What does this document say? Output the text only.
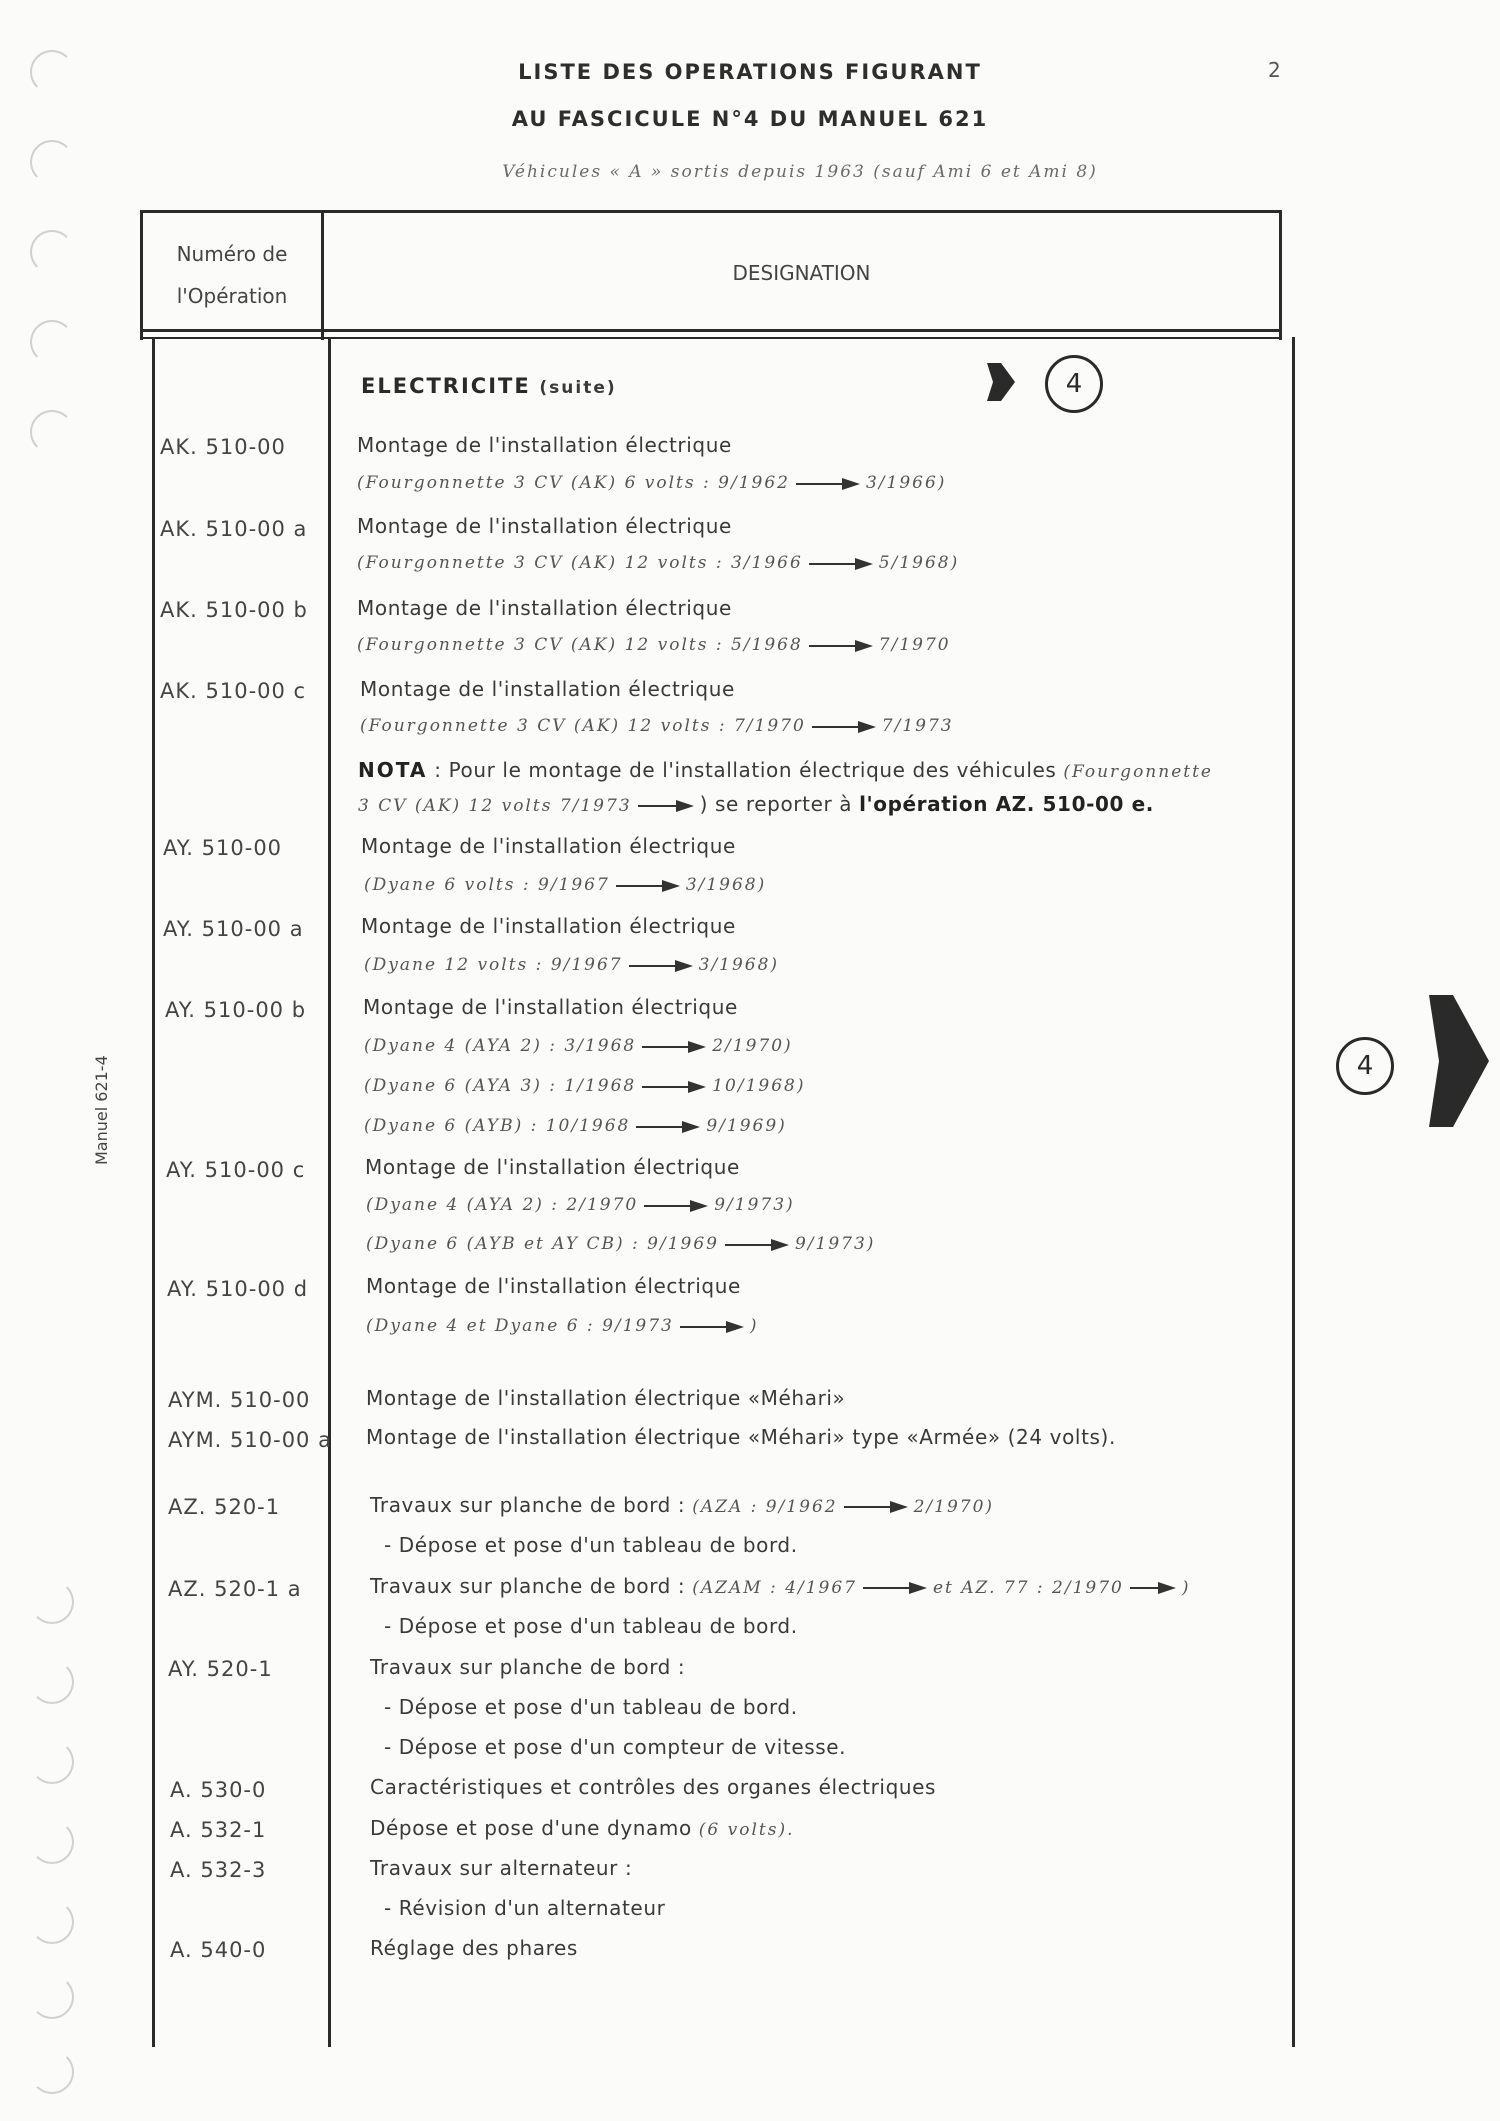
Manuel 621-4
2
LISTE DES OPERATIONS FIGURANT
AU FASCICULE N°4 DU MANUEL 621
Véhicules « A » sortis depuis 1963 (sauf Ami 6 et Ami 8)
Numéro de
l'Opération
DESIGNATION
ELECTRICITE (suite)	4
4
AK. 510-00	Montage de l'installation électrique
(Fourgonnette 3 CV (AK) 6 volts : 9/1962	3/1966)
AK. 510-00 a Montage de l'installation électrique
(Fourgonnette 3 CV (AK) 12 volts : 3/1966	5/1968)
AK. 510-00 b Montage de l'installation électrique
(Fourgonnette 3 CV (AK) 12 volts : 5/1968	7/1970
AK. 510-00 c	Montage de l'installation électrique
(Fourgonnette 3 CV (AK) 12 volts : 7/1970	7/1973
NOTA : Pour le montage de l'installation électrique des véhicules (Fourgonnette
3 CV (AK) 12 volts 7/1973	) se reporter à l'opération AZ. 510-00 e.
AY. 510-00	Montage de l'installation électrique
(Dyane 6 volts : 9/1967	3/1968)
AY. 510-00 a	Montage de l'installation électrique
(Dyane 12 volts : 9/1967	3/1968)
AY. 510-00 b	Montage de l'installation électrique
(Dyane 4 (AYA 2) : 3/1968	2/1970)
(Dyane 6 (AYA 3) : 1/1968	10/1968)
(Dyane 6 (AYB) : 10/1968	9/1969)
AY. 510-00 c	Montage de l'installation électrique
(Dyane 4 (AYA 2) : 2/1970	9/1973)
(Dyane 6 (AYB et AY CB) : 9/1969	9/1973)
AY. 510-00 d	Montage de l'installation électrique
(Dyane 4 et Dyane 6 : 9/1973	)
AYM. 510-00	Montage de l'installation électrique «Méhari»
AYM. 510-00 a Montage de l'installation électrique «Méhari» type «Armée» (24 volts).
AZ. 520-1	Travaux sur planche de bord : (AZA : 9/1962	2/1970)
- Dépose et pose d'un tableau de bord.
AZ. 520-1 a	Travaux sur planche de bord : (AZAM : 4/1967	et AZ. 77 : 2/1970	)
- Dépose et pose d'un tableau de bord.
AY. 520-1	Travaux sur planche de bord :
- Dépose et pose d'un tableau de bord.
- Dépose et pose d'un compteur de vitesse.
A. 530-0	Caractéristiques et contrôles des organes électriques
A. 532-1	Dépose et pose d'une dynamo (6 volts).
A. 532-3	Travaux sur alternateur :
- Révision d'un alternateur
A. 540-0	Réglage des phares
